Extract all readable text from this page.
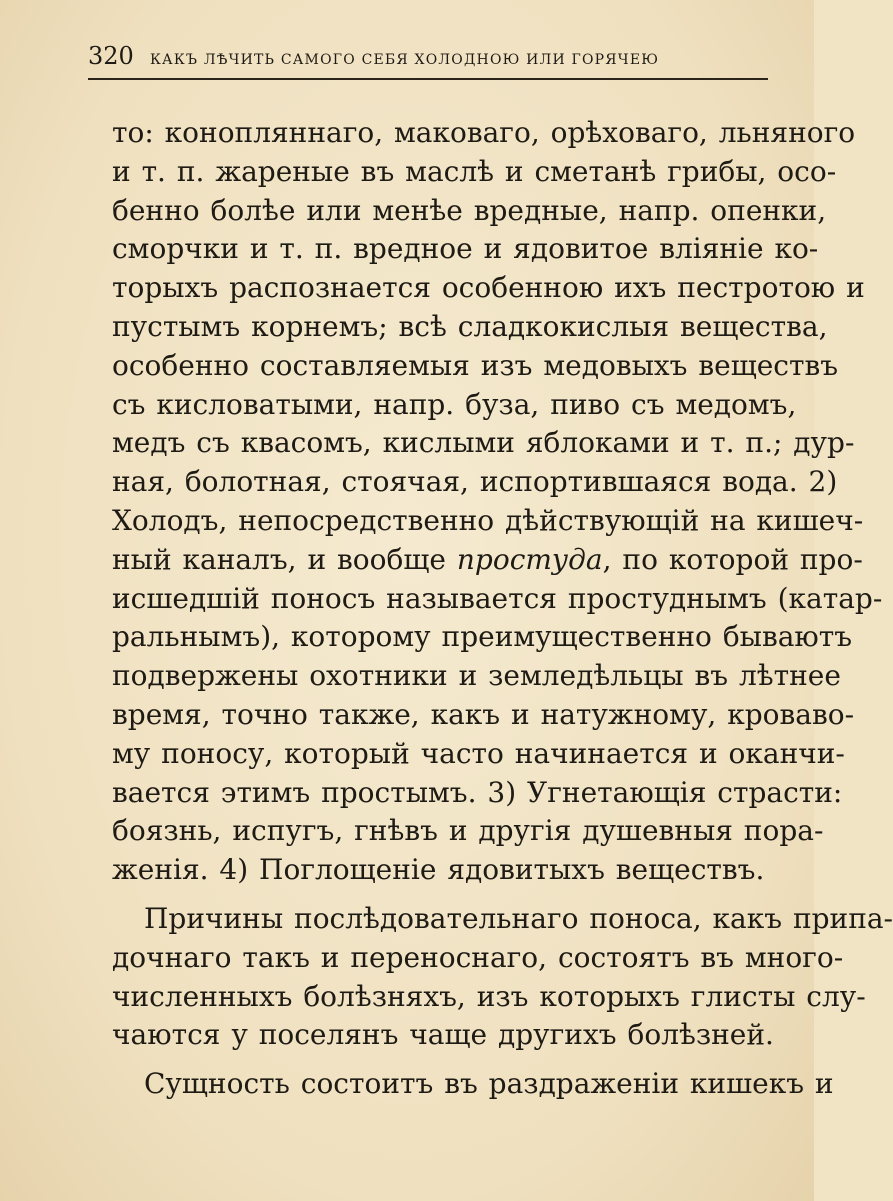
320	КАКЪ ЛѢЧИТЬ САМОГО СЕБЯ ХОЛОДНОЮ ИЛИ ГОРЯЧЕЮ
то: конопляннаго, маковаго, орѣховаго, льняного
и т. п. жареные въ маслѣ и сметанѣ грибы, осо-
бенно болѣе или менѣе вредные, напр. опенки,
сморчки и т. п. вредное и ядовитое вліяніе ко-
торыхъ распознается особенною ихъ пестротою и
пустымъ корнемъ; всѣ сладкокислыя вещества,
особенно составляемыя изъ медовыхъ веществъ
съ кисловатыми, напр. буза, пиво съ медомъ,
медъ съ квасомъ, кислыми яблоками и т. п.; дур-
ная, болотная, стоячая, испортившаяся вода. 2)
Холодъ, непосредственно дѣйствующій на кишеч-
ный каналъ, и вообще простуда, по которой про-
исшедшій поносъ называется простуднымъ (катар-
ральнымъ), которому преимущественно бываютъ
подвержены охотники и земледѣльцы въ лѣтнее
время, точно также, какъ и натужному, кроваво-
му поносу, который часто начинается и оканчи-
вается этимъ простымъ. 3) Угнетающія страсти:
боязнь, испугъ, гнѣвъ и другія душевныя пора-
женія. 4) Поглощеніе ядовитыхъ веществъ.
Причины послѣдовательнаго поноса, какъ припа-
дочнаго такъ и переноснаго, состоятъ въ много-
численныхъ болѣзняхъ, изъ которыхъ глисты слу-
чаются у поселянъ чаще другихъ болѣзней.
Сущность состоитъ въ раздраженіи кишекъ и
